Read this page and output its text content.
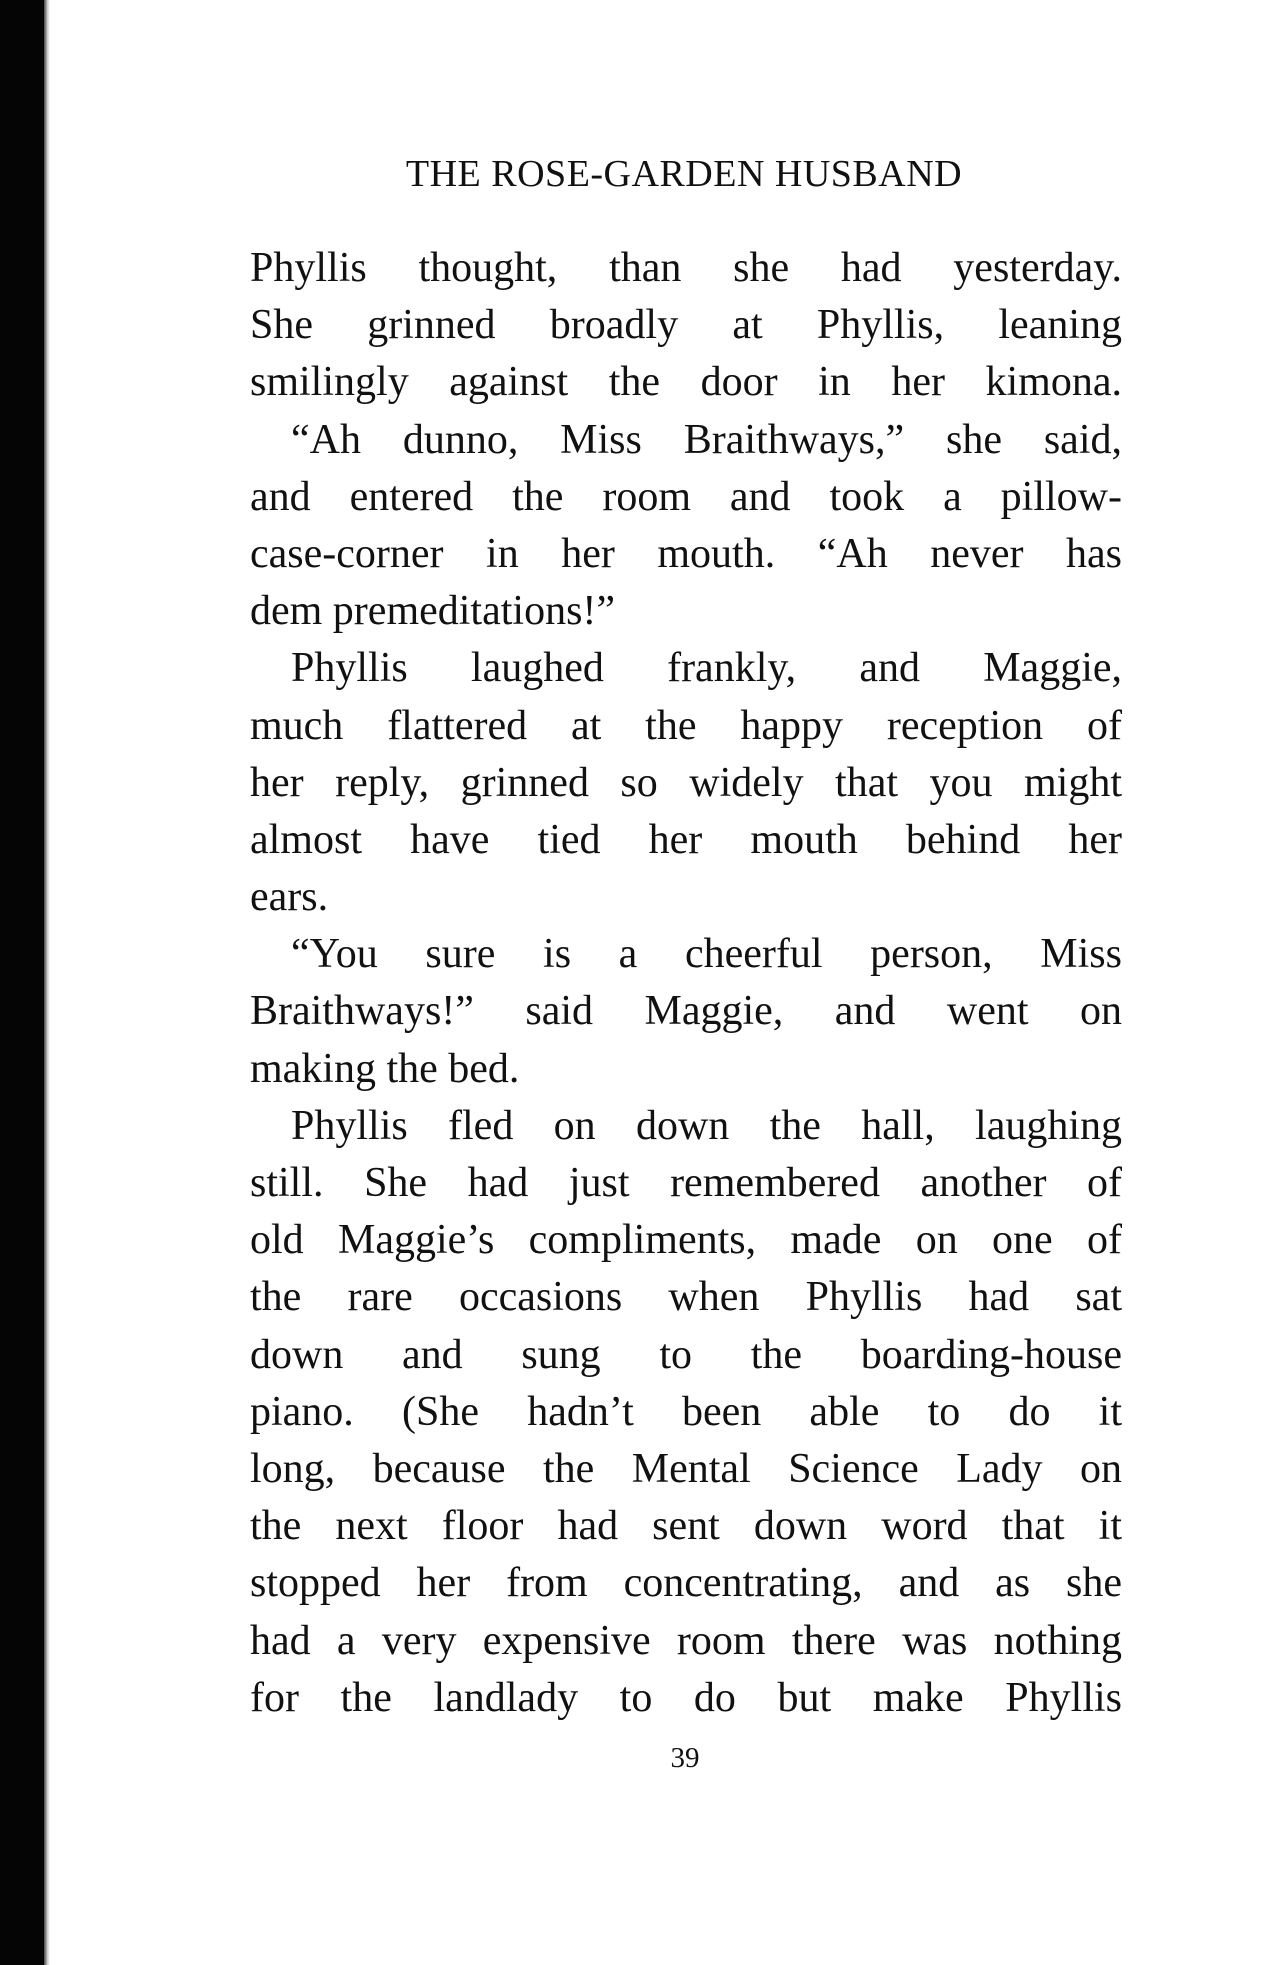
THE ROSE-GARDEN HUSBAND
Phyllis thought, than she had yesterday.
She grinned broadly at Phyllis, leaning
smilingly against the door in her kimona.
“Ah dunno, Miss Braithways,” she said,
and entered the room and took a pillow-
case-corner in her mouth. “Ah never has
dem premeditations!”
Phyllis laughed frankly, and Maggie,
much flattered at the happy reception of
her reply, grinned so widely that you might
almost have tied her mouth behind her
ears.
“You sure is a cheerful person, Miss
Braithways!” said Maggie, and went on
making the bed.
Phyllis fled on down the hall, laughing
still. She had just remembered another of
old Maggie’s compliments, made on one of
the rare occasions when Phyllis had sat
down and sung to the boarding-house
piano. (She hadn’t been able to do it
long, because the Mental Science Lady on
the next floor had sent down word that it
stopped her from concentrating, and as she
had a very expensive room there was nothing
for the landlady to do but make Phyllis
39
